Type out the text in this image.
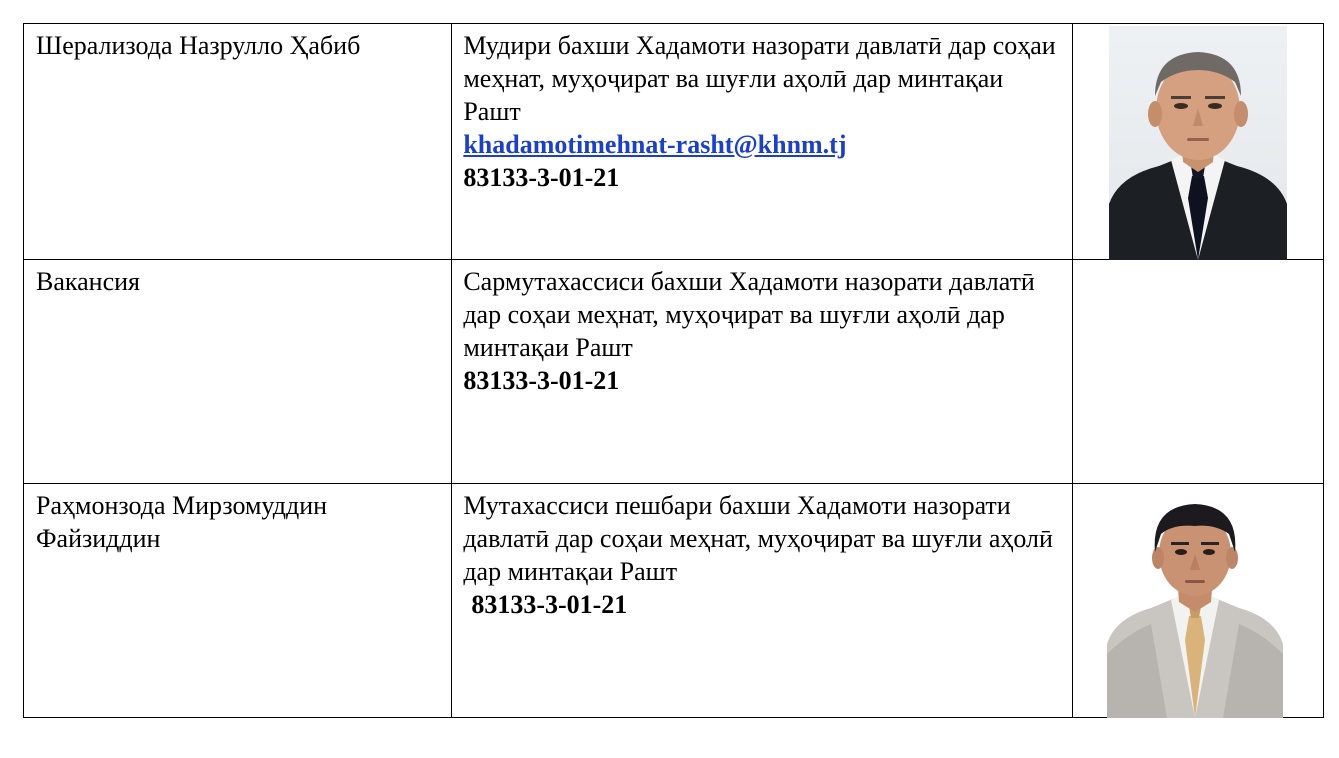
Шерализода Назрулло Ҳабиб	Мудири бахши Хадамоти назорати давлатӣ дар соҳаи меҳнат, муҳоҷират ва шуғли аҳолӣ дар минтақаи Рашт
khadamotimehnat-rasht@khnm.tj
83133-3-01-21

Вакансия	Сармутахассиси бахши Хадамоти назорати давлатӣ дар соҳаи меҳнат, муҳоҷират ва шуғли аҳолӣ дар минтақаи Рашт
83133-3-01-21	

Раҳмонзода Мирзомуддин
Файзиддин	Мутахассиси пешбари бахши Хадамоти назорати давлатӣ дар соҳаи меҳнат, муҳоҷират ва шуғли аҳолӣ дар минтақаи Рашт
83133-3-01-21
